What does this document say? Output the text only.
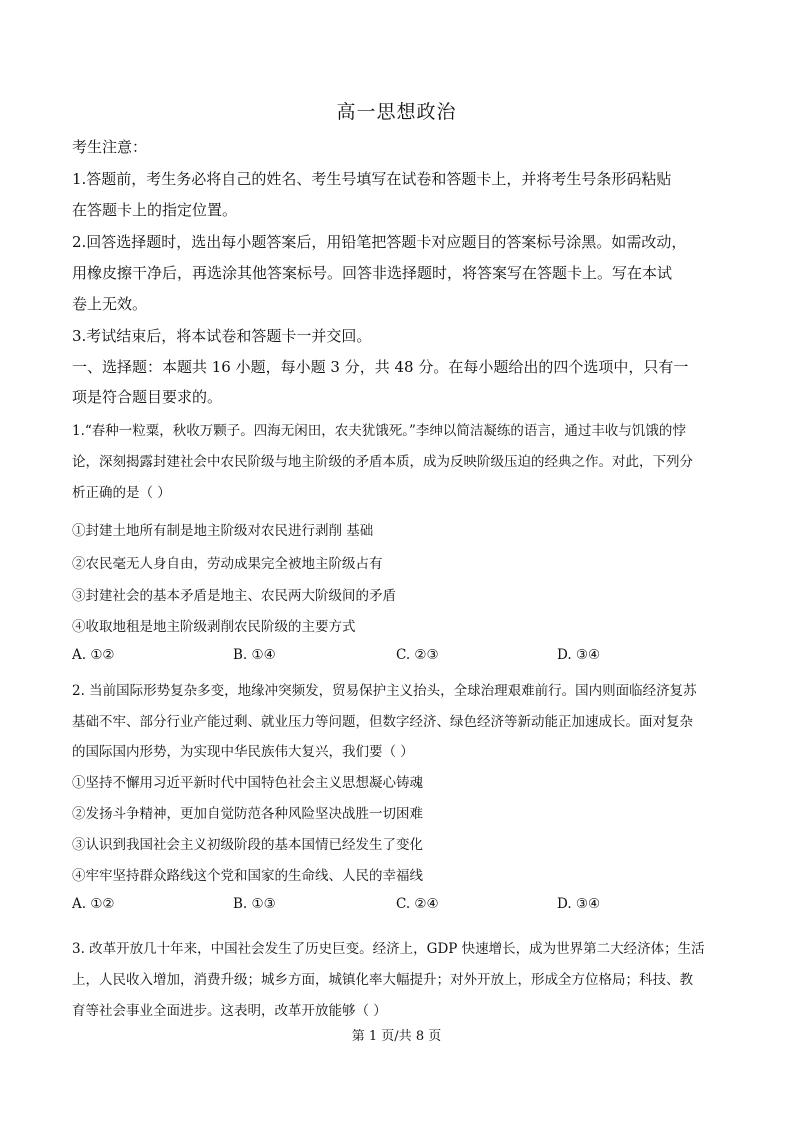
高一思想政治
考生注意：
1.答题前，考生务必将自己的姓名、考生号填写在试卷和答题卡上，并将考生号条形码粘贴
在答题卡上的指定位置。
2.回答选择题时，选出每小题答案后，用铅笔把答题卡对应题目的答案标号涂黑。如需改动，
用橡皮擦干净后，再选涂其他答案标号。回答非选择题时，将答案写在答题卡上。写在本试
卷上无效。
3.考试结束后，将本试卷和答题卡一并交回。
一、选择题：本题共 16 小题，每小题 3 分，共 48 分。在每小题给出的四个选项中，只有一
项是符合题目要求的。
1.“春种一粒粟，秋收万颗子。四海无闲田，农夫犹饿死。”李绅以简洁凝练的语言，通过丰收与饥饿的悖
论，深刻揭露封建社会中农民阶级与地主阶级的矛盾本质，成为反映阶级压迫的经典之作。对此，下列分
析正确的是（ ）
①封建土地所有制是地主阶级对农民进行剥削 基础
②农民毫无人身自由，劳动成果完全被地主阶级占有
③封建社会的基本矛盾是地主、农民两大阶级间的矛盾
④收取地租是地主阶级剥削农民阶级的主要方式
A. ①②	B. ①④	C. ②③	D. ③④
2. 当前国际形势复杂多变，地缘冲突频发，贸易保护主义抬头，全球治理艰难前行。国内则面临经济复苏
基础不牢、部分行业产能过剩、就业压力等问题，但数字经济、绿色经济等新动能正加速成长。面对复杂
的国际国内形势，为实现中华民族伟大复兴，我们要（ ）
①坚持不懈用习近平新时代中国特色社会主义思想凝心铸魂
②发扬斗争精神，更加自觉防范各种风险坚决战胜一切困难
③认识到我国社会主义初级阶段的基本国情已经发生了变化
④牢牢坚持群众路线这个党和国家的生命线、人民的幸福线
A. ①②	B. ①③	C. ②④	D. ③④
3. 改革开放几十年来，中国社会发生了历史巨变。经济上，GDP 快速增长，成为世界第二大经济体；生活
上，人民收入增加，消费升级；城乡方面，城镇化率大幅提升；对外开放上，形成全方位格局；科技、教
育等社会事业全面进步。这表明，改革开放能够（ ）
第 1 页/共 8 页
